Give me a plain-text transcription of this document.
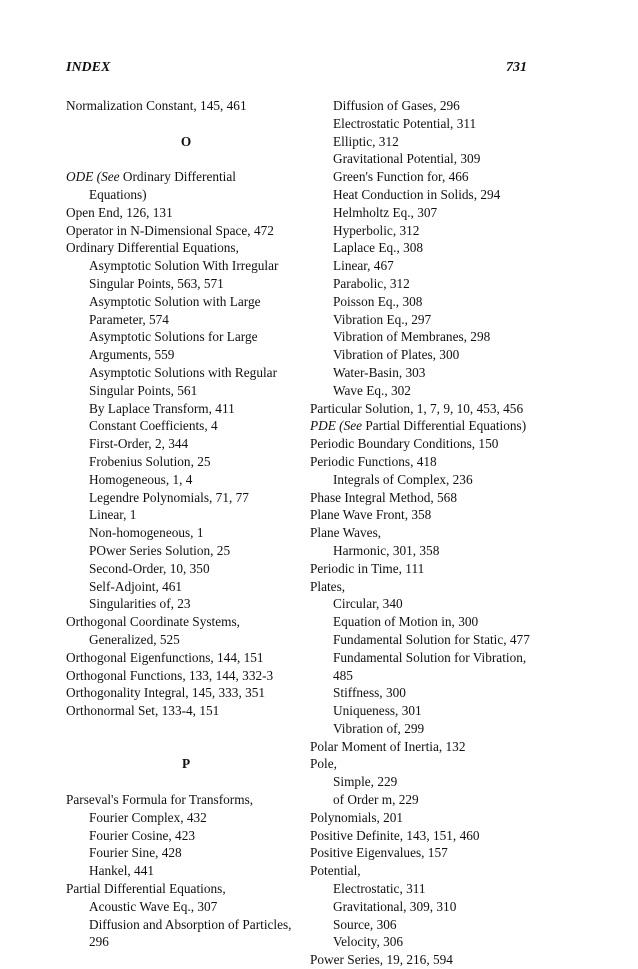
INDEX	731
Normalization Constant, 145, 461
O
ODE (See Ordinary Differential
Equations)
Open End, 126, 131
Operator in N-Dimensional Space, 472
Ordinary Differential Equations,
Asymptotic Solution With Irregular
Singular Points, 563, 571
Asymptotic Solution with Large
Parameter, 574
Asymptotic Solutions for Large
Arguments, 559
Asymptotic Solutions with Regular
Singular Points, 561
By Laplace Transform, 411
Constant Coefficients, 4
First-Order, 2, 344
Frobenius Solution, 25
Homogeneous, 1, 4
Legendre Polynomials, 71, 77
Linear, 1
Non-homogeneous, 1
POwer Series Solution, 25
Second-Order, 10, 350
Self-Adjoint, 461
Singularities of, 23
Orthogonal Coordinate Systems,
Generalized, 525
Orthogonal Eigenfunctions, 144, 151
Orthogonal Functions, 133, 144, 332-3
Orthogonality Integral, 145, 333, 351
Orthonormal Set, 133-4, 151
P
Parseval's Formula for Transforms,
Fourier Complex, 432
Fourier Cosine, 423
Fourier Sine, 428
Hankel, 441
Partial Differential Equations,
Acoustic Wave Eq., 307
Diffusion and Absorption of Particles,
296
Diffusion of Gases, 296
Electrostatic Potential, 311
Elliptic, 312
Gravitational Potential, 309
Green's Function for, 466
Heat Conduction in Solids, 294
Helmholtz Eq., 307
Hyperbolic, 312
Laplace Eq., 308
Linear, 467
Parabolic, 312
Poisson Eq., 308
Vibration Eq., 297
Vibration of Membranes, 298
Vibration of Plates, 300
Water-Basin, 303
Wave Eq., 302
Particular Solution, 1, 7, 9, 10, 453, 456
PDE (See Partial Differential Equations)
Periodic Boundary Conditions, 150
Periodic Functions, 418
Integrals of Complex, 236
Phase Integral Method, 568
Plane Wave Front, 358
Plane Waves,
Harmonic, 301, 358
Periodic in Time, 111
Plates,
Circular, 340
Equation of Motion in, 300
Fundamental Solution for Static, 477
Fundamental Solution for Vibration,
485
Stiffness, 300
Uniqueness, 301
Vibration of, 299
Polar Moment of Inertia, 132
Pole,
Simple, 229
of Order m, 229
Polynomials, 201
Positive Definite, 143, 151, 460
Positive Eigenvalues, 157
Potential,
Electrostatic, 311
Gravitational, 309, 310
Source, 306
Velocity, 306
Power Series, 19, 216, 594
